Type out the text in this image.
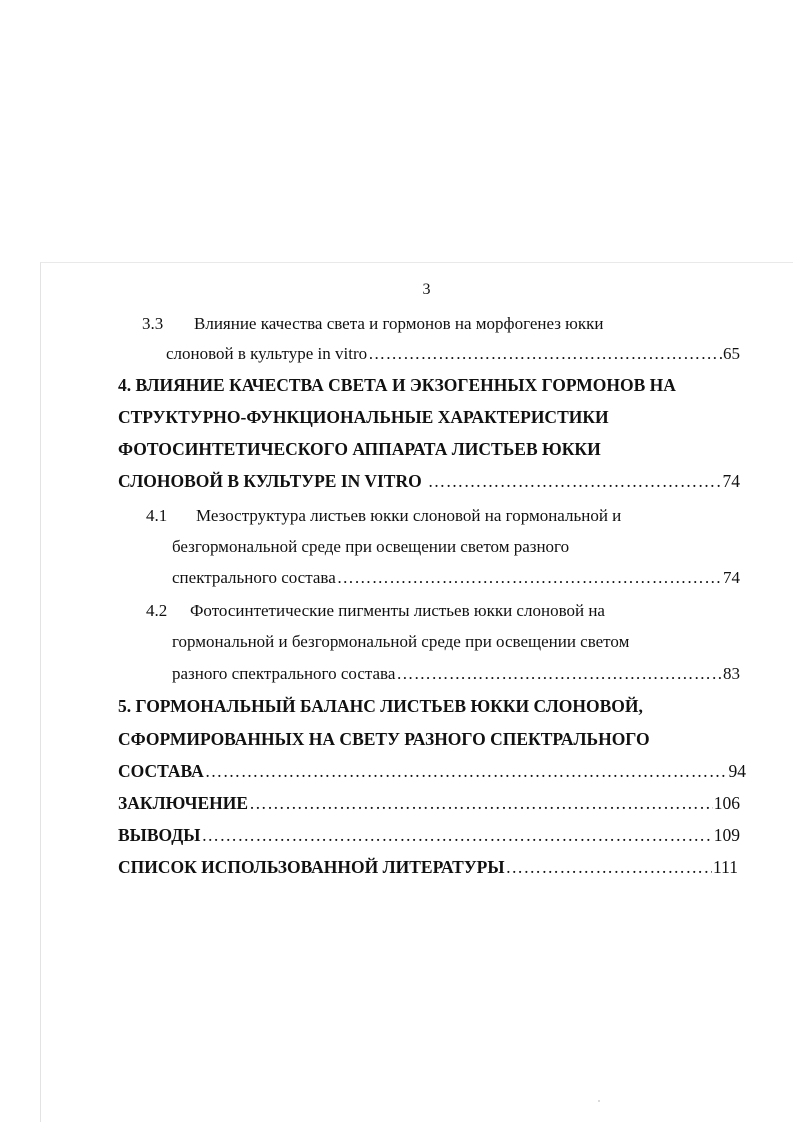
3
3.3 Влияние качества света и гормонов на морфогенез юкки
слоновой в культуре in vitro ………………………………………………………………………………………………………………………………………………………………………………………………………………………………	65
4. ВЛИЯНИЕ КАЧЕСТВА СВЕТА И ЭКЗОГЕННЫХ ГОРМОНОВ НА
СТРУКТУРНО-ФУНКЦИОНАЛЬНЫЕ ХАРАКТЕРИСТИКИ
ФОТОСИНТЕТИЧЕСКОГО АППАРАТА ЛИСТЬЕВ ЮККИ
СЛОНОВОЙ В КУЛЬТУРЕ IN VITRO ………………………………………………………………………………………………………………………………………………………………………………………………………………………………	74
4.1 Мезоструктура листьев юкки слоновой на гормональной и
безгормональной среде при освещении светом разного
спектрального состава ………………………………………………………………………………………………………………………………………………………………………………………………………………………………	74
4.2 Фотосинтетические пигменты листьев юкки слоновой на
гормональной и безгормональной среде при освещении светом
разного спектрального состава ………………………………………………………………………………………………………………………………………………………………………………………………………………………………	83
5. ГОРМОНАЛЬНЫЙ БАЛАНС ЛИСТЬЕВ ЮККИ СЛОНОВОЙ,
СФОРМИРОВАННЫХ НА СВЕТУ РАЗНОГО СПЕКТРАЛЬНОГО
СОСТАВА ………………………………………………………………………………………………………………………………………………………………………………………………………………………………	94
ЗАКЛЮЧЕНИЕ ………………………………………………………………………………………………………………………………………………………………………………………………………………………………	106
ВЫВОДЫ ………………………………………………………………………………………………………………………………………………………………………………………………………………………………	109
СПИСОК ИСПОЛЬЗОВАННОЙ ЛИТЕРАТУРЫ ………………………………………………………………………………………………………………………………………………………………………………………………………………………………	111
